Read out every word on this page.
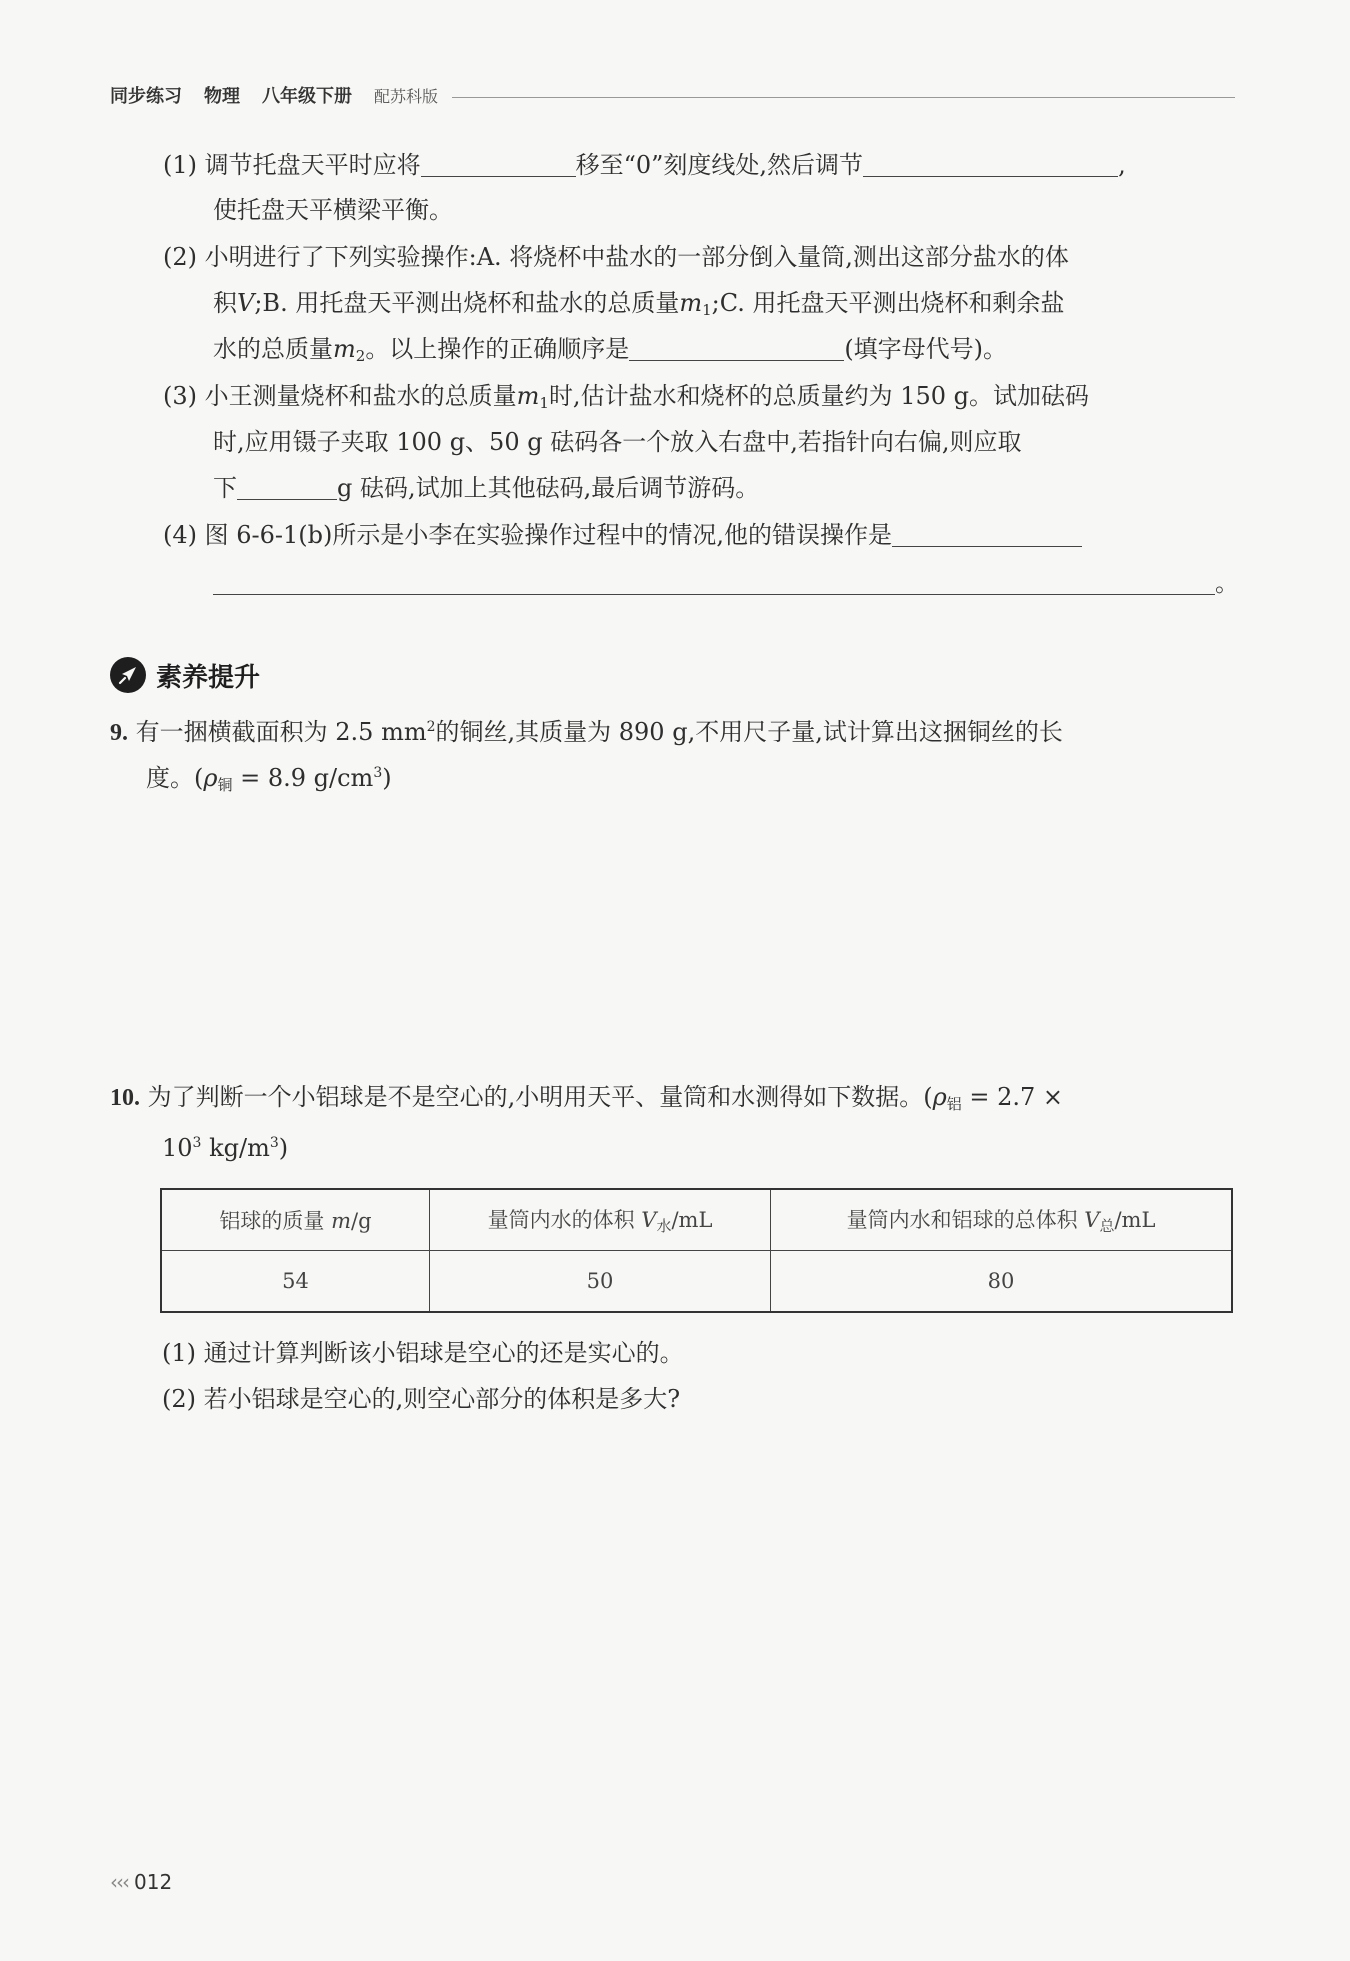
同步练习 物理 八年级下册 配苏科版
(1) 调节托盘天平时应将	移至“0”刻度线处,然后调节	,
使托盘天平横梁平衡。
(2) 小明进行了下列实验操作:A. 将烧杯中盐水的一部分倒入量筒,测出这部分盐水的体
积V;B. 用托盘天平测出烧杯和盐水的总质量$m_1;C$. 用托盘天平测出烧杯和剩余盐
水的总质量$m_2$。以上操作的正确顺序是	(填字母代号)。
(3) 小王测量烧杯和盐水的总质量$m_1$时,估计盐水和烧杯的总质量约为 150 g。试加砝码
时,应用镊子夹取 100 g、50 g 砝码各一个放入右盘中,若指针向右偏,则应取
下	g 砝码,试加上其他砝码,最后调节游码。
(4) 图 6-6-1(b)所示是小李在实验操作过程中的情况,他的错误操作是
。
素养提升
9. 有一捆横截面积为 2.5 $mm^2$的铜丝,其质量为 890 g,不用尺子量,试计算出这捆铜丝的长
度。($\rho_铜 = 8.9$ $g/cm^3$)
10. 为了判断一个小铝球是不是空心的,小明用天平、量筒和水测得如下数据。($\rho_铝 = 2.7$ ×
$10^3$ $kg/m^3$)
铝球的质量 m/g	量筒内水的体积 $V_水/mL$	量筒内水和铝球的总体积 $V_总/mL$
54	50	80
(1) 通过计算判断该小铝球是空心的还是实心的。
(2) 若小铝球是空心的,则空心部分的体积是多大?
‹‹‹ 012
